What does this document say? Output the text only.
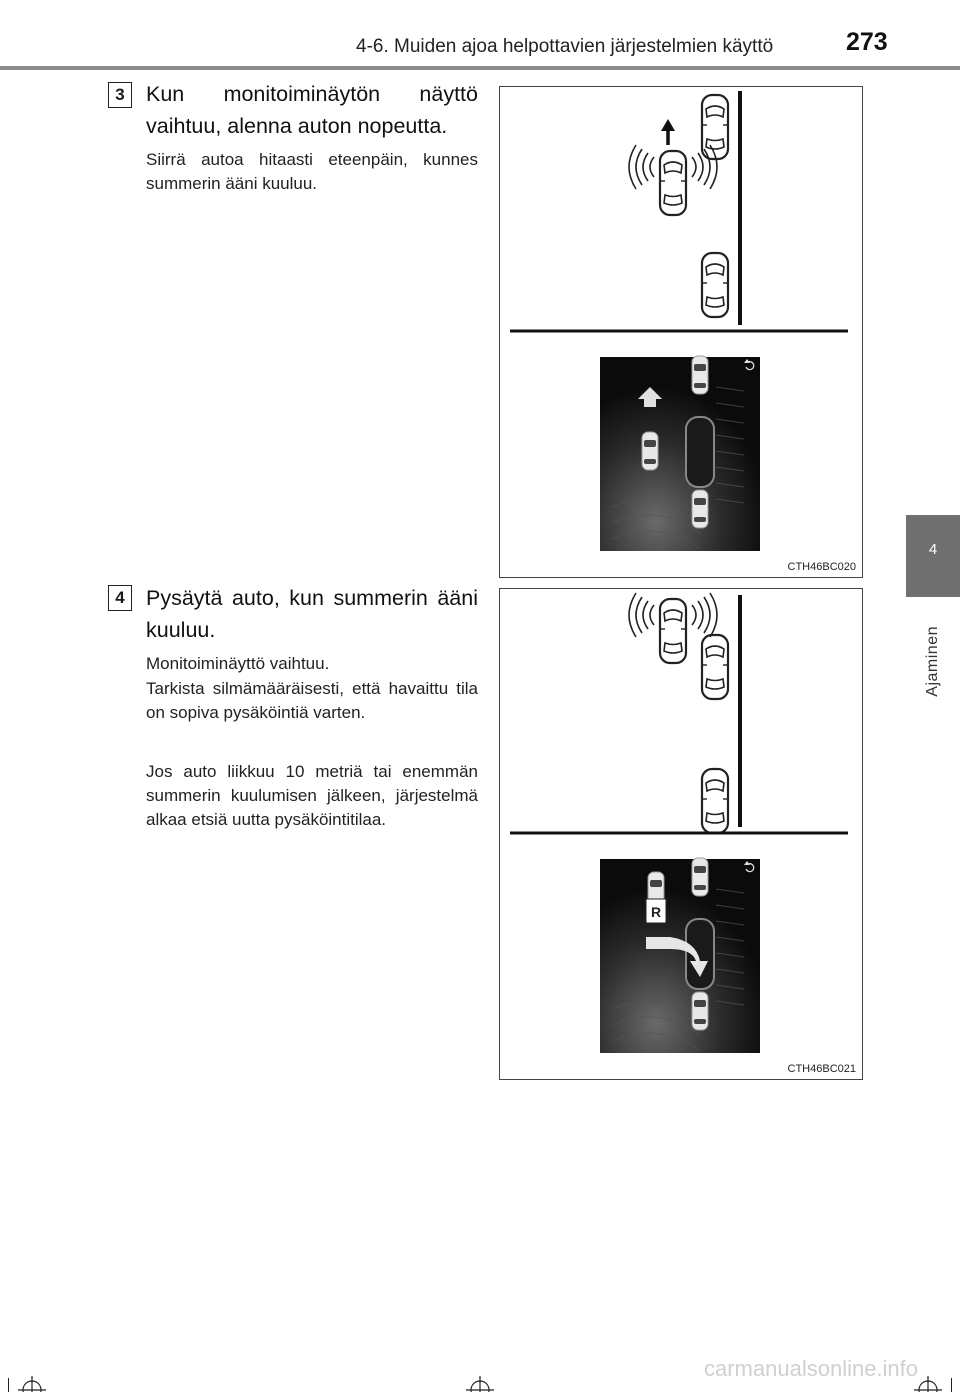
4-6. Muiden ajoa helpottavien järjestelmien käyttö	273
4
Ajaminen
3 Kun monitoiminäytön näyttö vaihtuu, alenna auton nopeutta.
Siirrä autoa hitaasti eteenpäin, kunnes summerin ääni kuuluu.
CTH46BC020
4 Pysäytä auto, kun summerin ääni kuuluu.
Monitoiminäyttö vaihtuu.
Tarkista silmämääräisesti, että havaittu tila on sopiva pysäköintiä varten.
Jos auto liikkuu 10 metriä tai enemmän summerin kuulumisen jälkeen, järjestelmä alkaa etsiä uutta pysäköintitilaa.
R
CTH46BC021
carmanualsonline.info
